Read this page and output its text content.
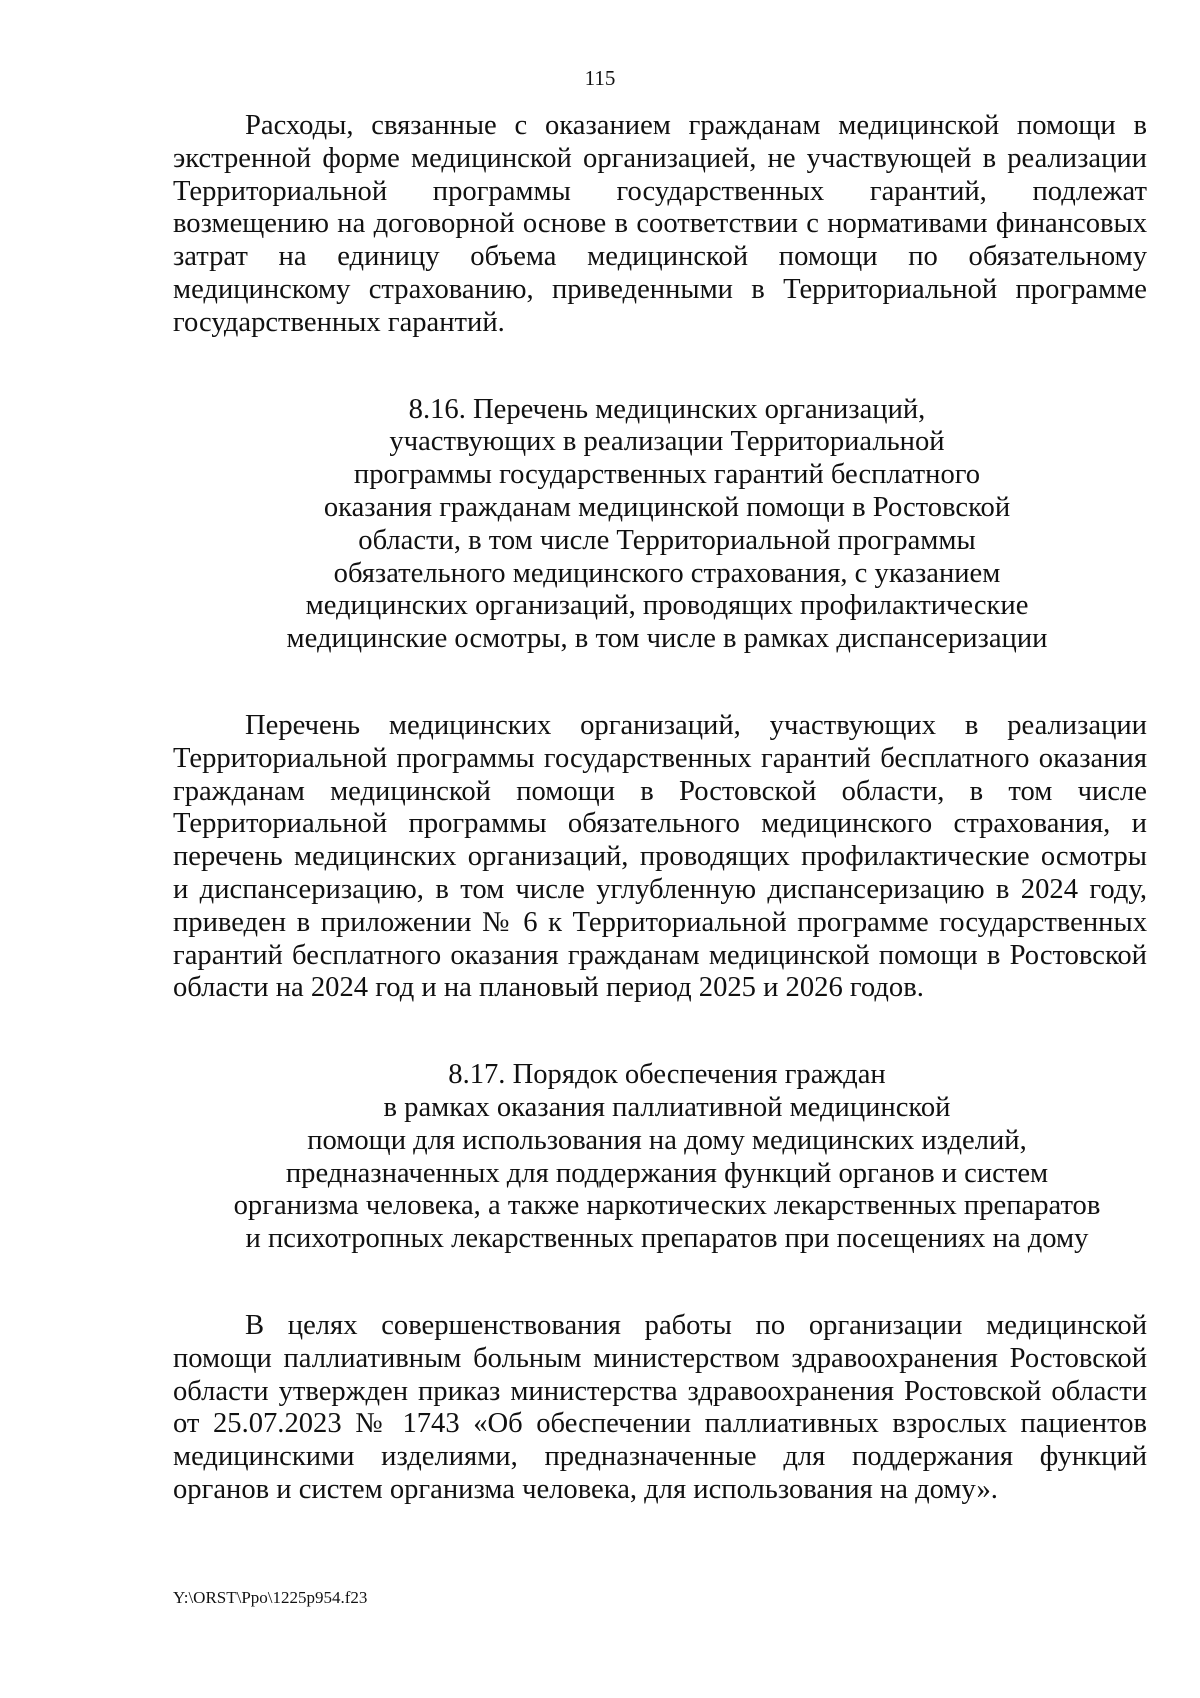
115

Расходы, связанные с оказанием гражданам медицинской помощи в экстренной форме медицинской организацией, не участвующей в реализации Территориальной программы государственных гарантий, подлежат возмещению на договорной основе в соответствии с нормативами финансовых затрат на единицу объема медицинской помощи по обязательному медицинскому страхованию, приведенными в Территориальной программе государственных гарантий.

8.16. Перечень медицинских организаций,
участвующих в реализации Территориальной
программы государственных гарантий бесплатного
оказания гражданам медицинской помощи в Ростовской
области, в том числе Территориальной программы
обязательного медицинского страхования, с указанием
медицинских организаций, проводящих профилактические
медицинские осмотры, в том числе в рамках диспансеризации

Перечень медицинских организаций, участвующих в реализации Территориальной программы государственных гарантий бесплатного оказания гражданам медицинской помощи в Ростовской области, в том числе Территориальной программы обязательного медицинского страхования, и перечень медицинских организаций, проводящих профилактические осмотры и диспансеризацию, в том числе углубленную диспансеризацию в 2024 году, приведен в приложении № 6 к Территориальной программе государственных гарантий бесплатного оказания гражданам медицинской помощи в Ростовской области на 2024 год и на плановый период 2025 и 2026 годов.

8.17. Порядок обеспечения граждан
в рамках оказания паллиативной медицинской
помощи для использования на дому медицинских изделий,
предназначенных для поддержания функций органов и систем
организма человека, а также наркотических лекарственных препаратов
и психотропных лекарственных препаратов при посещениях на дому

В целях совершенствования работы по организации медицинской помощи паллиативным больным министерством здравоохранения Ростовской области утвержден приказ министерства здравоохранения Ростовской области от 25.07.2023 № 1743 «Об обеспечении паллиативных взрослых пациентов медицинскими изделиями, предназначенные для поддержания функций органов и систем организма человека, для использования на дому».

Y:\ORST\Ppo\1225p954.f23
